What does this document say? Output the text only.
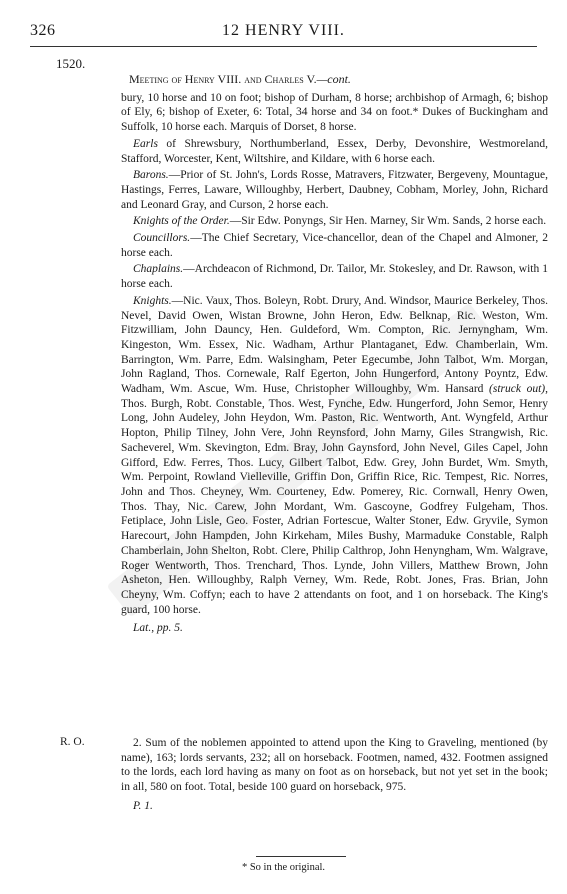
326	12 HENRY VIII.
1520.

Meeting of Henry VIII. and Charles V.—cont.

bury, 10 horse and 10 on foot; bishop of Durham, 8 horse; archbishop of Armagh, 6; bishop of Ely, 6; bishop of Exeter, 6: Total, 34 horse and 34 on foot.* Dukes of Buckingham and Suffolk, 10 horse each. Marquis of Dorset, 8 horse.

Earls of Shrewsbury, Northumberland, Essex, Derby, Devonshire, Westmoreland, Stafford, Worcester, Kent, Wiltshire, and Kildare, with 6 horse each.

Barons.—Prior of St. John's, Lords Rosse, Matravers, Fitzwater, Bergeveny, Mountague, Hastings, Ferres, Laware, Willoughby, Herbert, Daubney, Cobham, Morley, John, Richard and Leonard Gray, and Curson, 2 horse each.

Knights of the Order.—Sir Edw. Ponyngs, Sir Hen. Marney, Sir Wm. Sands, 2 horse each.

Councillors.—The Chief Secretary, Vice-chancellor, dean of the Chapel and Almoner, 2 horse each.

Chaplains.—Archdeacon of Richmond, Dr. Tailor, Mr. Stokesley, and Dr. Rawson, with 1 horse each.

Knights.—Nic. Vaux, Thos. Boleyn, Robt. Drury, And. Windsor, Maurice Berkeley, Thos. Nevel, David Owen, Wistan Browne, John Heron, Edw. Belknap, Ric. Weston, Wm. Fitzwilliam, John Dauncy, Hen. Guldeford, Wm. Compton, Ric. Jernyngham, Wm. Kingeston, Wm. Essex, Nic. Wadham, Arthur Plantaganet, Edw. Chamberlain, Wm. Barrington, Wm. Parre, Edm. Walsingham, Peter Egecumbe, John Talbot, Wm. Morgan, John Ragland, Thos. Cornewale, Ralf Egerton, John Hungerford, Antony Poyntz, Edw. Wadham, Wm. Ascue, Wm. Huse, Christopher Willoughby, Wm. Hansard (struck out), Thos. Burgh, Robt. Constable, Thos. West, Fynche, Edw. Hungerford, John Semor, Henry Long, John Audeley, John Heydon, Wm. Paston, Ric. Wentworth, Ant. Wyngfeld, Arthur Hopton, Philip Tilney, John Vere, John Reynsford, John Marny, Giles Strangwish, Ric. Sacheverel, Wm. Skevington, Edm. Bray, John Gaynsford, John Nevel, Giles Capel, John Gifford, Edw. Ferres, Thos. Lucy, Gilbert Talbot, Edw. Grey, John Burdet, Wm. Smyth, Wm. Perpoint, Rowland Vielleville, Griffin Don, Griffin Rice, Ric. Tempest, Ric. Norres, John and Thos. Cheyney, Wm. Courteney, Edw. Pomerey, Ric. Cornwall, Henry Owen, Thos. Thay, Nic. Carew, John Mordant, Wm. Gascoyne, Godfrey Fulgeham, Thos. Fetiplace, John Lisle, Geo. Foster, Adrian Fortescue, Walter Stoner, Edw. Gryvile, Symon Harecourt, John Hampden, John Kirkeham, Miles Bushy, Marmaduke Constable, Ralph Chamberlain, John Shelton, Robt. Clere, Philip Calthrop, John Henyngham, Wm. Walgrave, Roger Wentworth, Thos. Trenchard, Thos. Lynde, John Villers, Matthew Brown, John Asheton, Hen. Willoughby, Ralph Verney, Wm. Rede, Robt. Jones, Fras. Brian, John Cheyny, Wm. Coffyn; each to have 2 attendants on foot, and 1 on horseback. The King's guard, 100 horse.

Lat., pp. 5.

R. O.	2. Sum of the noblemen appointed to attend upon the King to Graveling, mentioned (by name), 163; lords servants, 232; all on horseback. Footmen, named, 432. Footmen assigned to the lords, each lord having as many on foot as on horseback, but not yet set in the book; in all, 580 on foot. Total, beside 100 guard on horseback, 975.

P. 1.

* So in the original.
